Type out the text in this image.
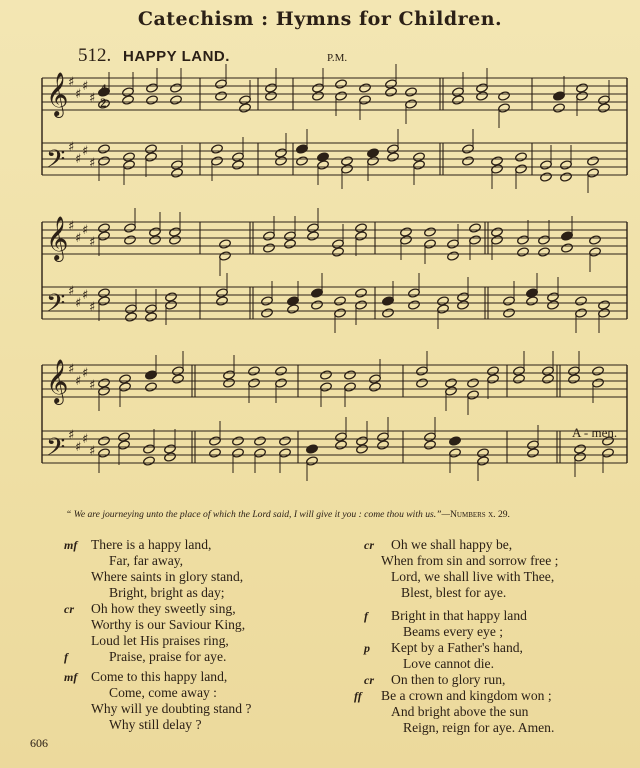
Catechism : Hymns for Children.
512. HAPPY LAND.	P.M.
𝄞 ♯
♯
♯
♯
𝄢 ♯
♯
♯
♯
𝄞 ♯
♯
♯
♯
𝄢 ♯
♯
♯
♯
𝄞 ♯
♯
♯
♯
𝄢 ♯
♯
♯
♯
4
2
A - men.
“ We are journeying unto the place of which the Lord said, I will give it you : come thou with us.”—Numbers x. 29.
mf There is a happy land,
Far, far away,
Where saints in glory stand,
Bright, bright as day;
cr Oh how they sweetly sing,
Worthy is our Saviour King,
Loud let His praises ring,
f	Praise, praise for aye.
mf Come to this happy land,
Come, come away :
Why will ye doubting stand ?
Why still delay ?
cr Oh we shall happy be,
When from sin and sorrow free ;
Lord, we shall live with Thee,
Blest, blest for aye.
f Bright in that happy land
Beams every eye ;
p Kept by a Father's hand,
Love cannot die.
cr On then to glory run,
ff Be a crown and kingdom won ;
And bright above the sun
Reign, reign for aye. Amen.
606
